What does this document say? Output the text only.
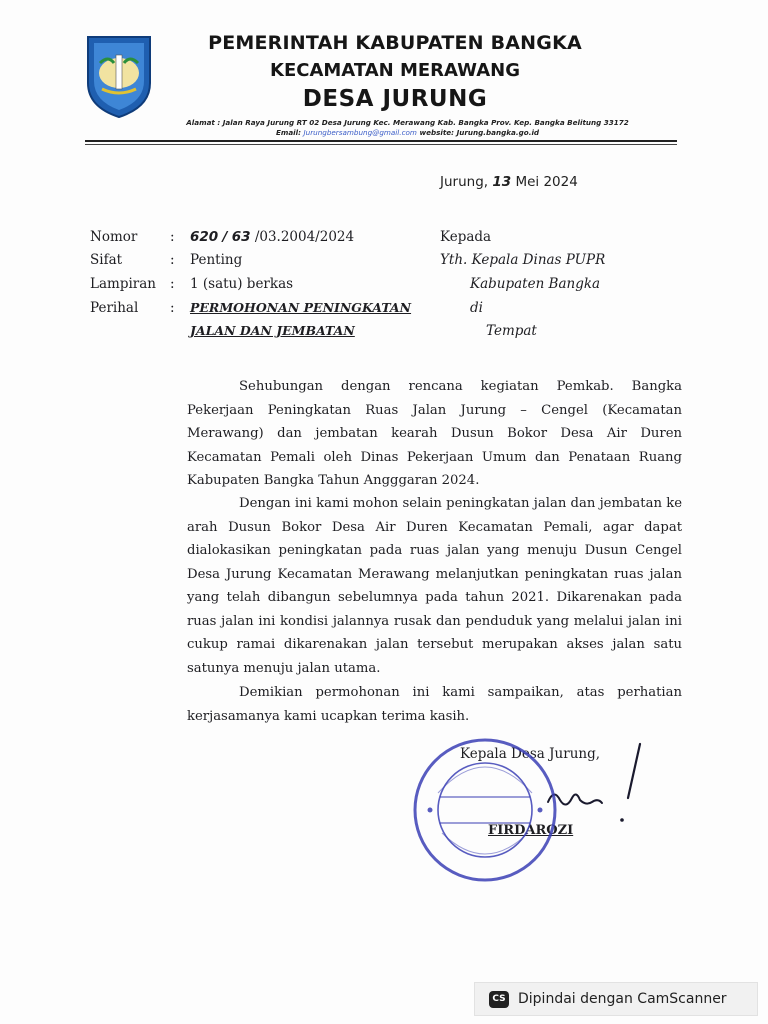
PEMERINTAH KABUPATEN BANGKA
KECAMATAN MERAWANG
DESA JURUNG
Alamat : Jalan Raya Jurung RT 02 Desa Jurung Kec. Merawang Kab. Bangka Prov. Kep. Bangka Belitung 33172
Email: Jurungbersambung@gmail.com website: Jurung.bangka.go.id
Jurung, 13 Mei 2024
Nomor : 620 / 63 /03.2004/2024
Sifat	: Penting
Lampiran : 1 (satu) berkas
Perihal : PERMOHONAN PENINGKATAN
JALAN DAN JEMBATAN
Kepada
Yth. Kepala Dinas PUPR
Kabupaten Bangka
di
Tempat
Sehubungan dengan rencana kegiatan Pemkab. Bangka Pekerjaan Peningkatan Ruas Jalan Jurung – Cengel (Kecamatan Merawang) dan jembatan kearah Dusun Bokor Desa Air Duren Kecamatan Pemali oleh Dinas Pekerjaan Umum dan Penataan Ruang Kabupaten Bangka Tahun Angggaran 2024.
Dengan ini kami mohon selain peningkatan jalan dan jembatan ke arah Dusun Bokor Desa Air Duren Kecamatan Pemali, agar dapat dialokasikan peningkatan pada ruas jalan yang menuju Dusun Cengel Desa Jurung Kecamatan Merawang melanjutkan peningkatan ruas jalan yang telah dibangun sebelumnya pada tahun 2021. Dikarenakan pada ruas jalan ini kondisi jalannya rusak dan penduduk yang melalui jalan ini cukup ramai dikarenakan jalan tersebut merupakan akses jalan satu satunya menuju jalan utama.
Demikian permohonan ini kami sampaikan, atas perhatian kerjasamanya kami ucapkan terima kasih.
Kepala Desa Jurung,
FIRDAROZI
CS Dipindai dengan CamScanner
